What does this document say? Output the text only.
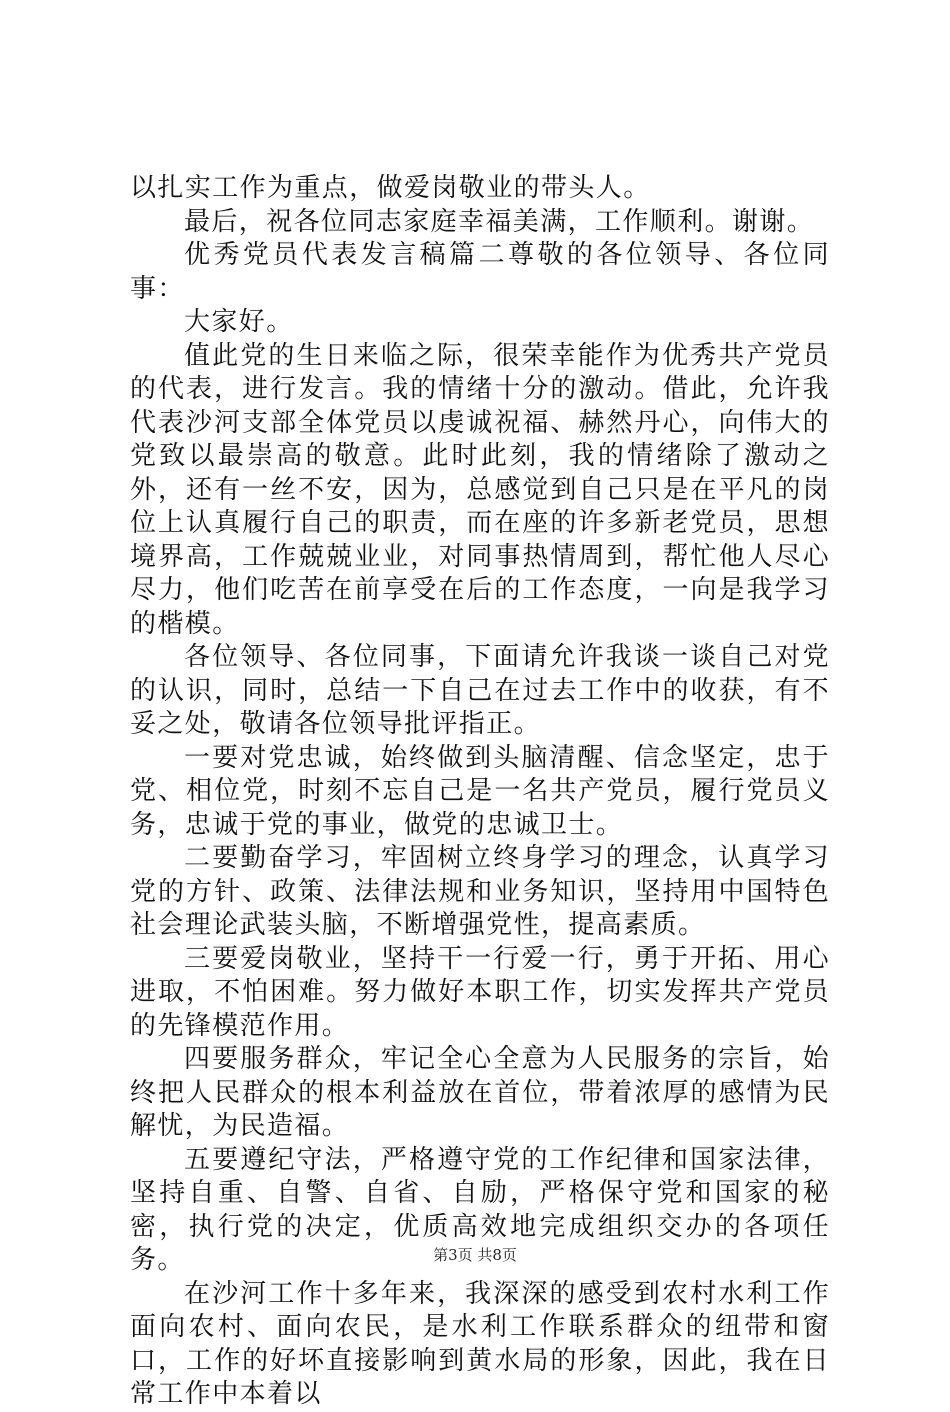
以扎实工作为重点，做爱岗敬业的带头人。

最后，祝各位同志家庭幸福美满，工作顺利。谢谢。

优秀党员代表发言稿篇二尊敬的各位领导、各位同事：

大家好。

值此党的生日来临之际，很荣幸能作为优秀共产党员的代表，进行发言。我的情绪十分的激动。借此，允许我代表沙河支部全体党员以虔诚祝福、赫然丹心，向伟大的党致以最崇高的敬意。此时此刻，我的情绪除了激动之外，还有一丝不安，因为，总感觉到自己只是在平凡的岗位上认真履行自己的职责，而在座的许多新老党员，思想境界高，工作兢兢业业，对同事热情周到，帮忙他人尽心尽力，他们吃苦在前享受在后的工作态度，一向是我学习的楷模。

各位领导、各位同事，下面请允许我谈一谈自己对党的认识，同时，总结一下自己在过去工作中的收获，有不妥之处，敬请各位领导批评指正。

一要对党忠诚，始终做到头脑清醒、信念坚定，忠于党、相位党，时刻不忘自己是一名共产党员，履行党员义务，忠诚于党的事业，做党的忠诚卫士。

二要勤奋学习，牢固树立终身学习的理念，认真学习党的方针、政策、法律法规和业务知识，坚持用中国特色社会理论武装头脑，不断增强党性，提高素质。

三要爱岗敬业，坚持干一行爱一行，勇于开拓、用心进取，不怕困难。努力做好本职工作，切实发挥共产党员的先锋模范作用。

四要服务群众，牢记全心全意为人民服务的宗旨，始终把人民群众的根本利益放在首位，带着浓厚的感情为民解忧，为民造福。

五要遵纪守法，严格遵守党的工作纪律和国家法律，坚持自重、自警、自省、自励，严格保守党和国家的秘密，执行党的决定，优质高效地完成组织交办的各项任务。

在沙河工作十多年来，我深深的感受到农村水利工作面向农村、面向农民，是水利工作联系群众的纽带和窗口，工作的好坏直接影响到黄水局的形象，因此，我在日常工作中本着以

第3页 共8页
